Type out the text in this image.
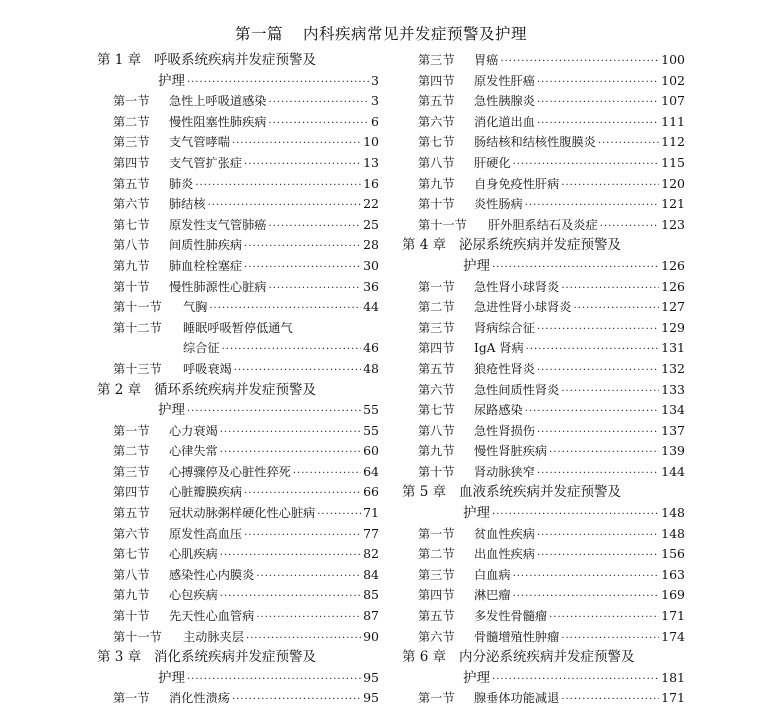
第一篇 内科疾病常见并发症预警及护理
第 1 章 呼吸系统疾病并发症预警及
护理 ·····	3
第一节	急性上呼吸道感染 ·····	3
第二节	慢性阻塞性肺疾病 ·····	6
第三节	支气管哮喘 ·····	10
第四节	支气管扩张症 ·····	13
第五节	肺炎 ·····	16
第六节	肺结核 ·····	22
第七节	原发性支气管肺癌 ·····	25
第八节	间质性肺疾病 ·····	28
第九节	肺血栓栓塞症 ·····	30
第十节	慢性肺源性心脏病 ·····	36
第十一节	气胸 ·····	44
第十二节	睡眠呼吸暂停低通气
综合征 ·····	46
第十三节	呼吸衰竭 ·····	48
第 2 章 循环系统疾病并发症预警及
护理 ·····	55
第一节	心力衰竭 ·····	55
第二节	心律失常 ·····	60
第三节	心搏骤停及心脏性猝死 ·····	64
第四节	心脏瓣膜疾病 ·····	66
第五节	冠状动脉粥样硬化性心脏病 ·····	71
第六节	原发性高血压 ·····	77
第七节	心肌疾病 ·····	82
第八节	感染性心内膜炎 ·····	84
第九节	心包疾病 ·····	85
第十节	先天性心血管病 ·····	87
第十一节	主动脉夹层 ·····	90
第 3 章 消化系统疾病并发症预警及
护理 ·····	95
第一节	消化性溃疡 ·····	95
第三节	胃癌 ·····	100
第四节	原发性肝癌 ·····	102
第五节	急性胰腺炎 ·····	107
第六节	消化道出血 ·····	111
第七节	肠结核和结核性腹膜炎 ·····	112
第八节	肝硬化 ·····	115
第九节	自身免疫性肝病 ·····	120
第十节	炎性肠病 ·····	121
第十一节	肝外胆系结石及炎症 ·····	123
第 4 章 泌尿系统疾病并发症预警及
护理 ·····	126
第一节	急性肾小球肾炎 ·····	126
第二节	急进性肾小球肾炎 ·····	127
第三节	肾病综合征 ·····	129
第四节	IgA 肾病 ·····	131
第五节	狼疮性肾炎 ·····	132
第六节	急性间质性肾炎 ·····	133
第七节	尿路感染 ·····	134
第八节	急性肾损伤 ·····	137
第九节	慢性肾脏疾病 ·····	139
第十节	肾动脉狭窄 ·····	144
第 5 章 血液系统疾病并发症预警及
护理 ·····	148
第一节	贫血性疾病 ·····	148
第二节	出血性疾病 ·····	156
第三节	白血病 ·····	163
第四节	淋巴瘤 ·····	169
第五节	多发性骨髓瘤 ·····	171
第六节	骨髓增殖性肿瘤 ·····	174
第 6 章 内分泌系统疾病并发症预警及
护理 ·····	181
第一节	腺垂体功能减退 ·····	171
